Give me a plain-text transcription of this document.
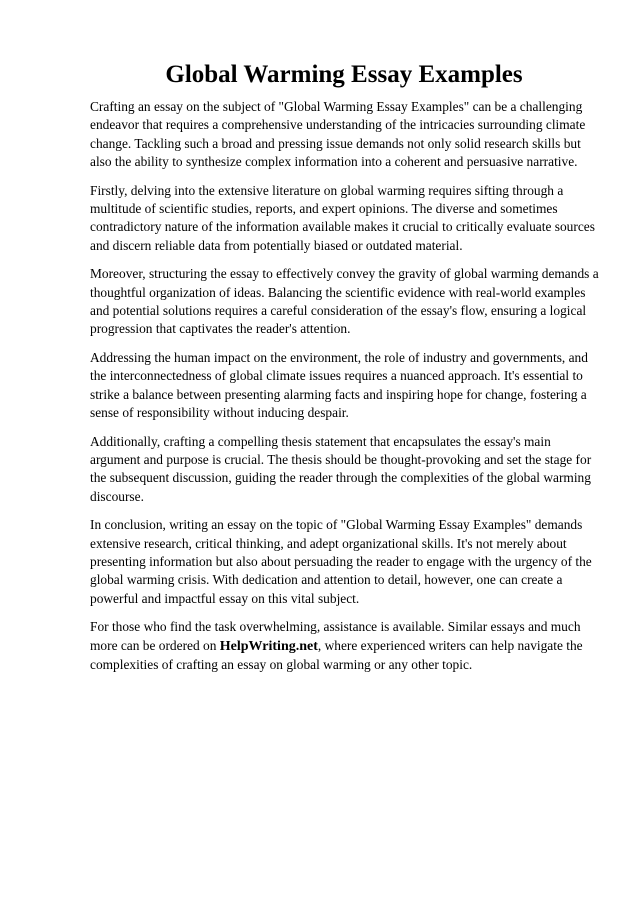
Global Warming Essay Examples

Crafting an essay on the subject of "Global Warming Essay Examples" can be a challenging endeavor that requires a comprehensive understanding of the intricacies surrounding climate change. Tackling such a broad and pressing issue demands not only solid research skills but also the ability to synthesize complex information into a coherent and persuasive narrative.

Firstly, delving into the extensive literature on global warming requires sifting through a multitude of scientific studies, reports, and expert opinions. The diverse and sometimes contradictory nature of the information available makes it crucial to critically evaluate sources and discern reliable data from potentially biased or outdated material.

Moreover, structuring the essay to effectively convey the gravity of global warming demands a thoughtful organization of ideas. Balancing the scientific evidence with real-world examples and potential solutions requires a careful consideration of the essay's flow, ensuring a logical progression that captivates the reader's attention.

Addressing the human impact on the environment, the role of industry and governments, and the interconnectedness of global climate issues requires a nuanced approach. It's essential to strike a balance between presenting alarming facts and inspiring hope for change, fostering a sense of responsibility without inducing despair.

Additionally, crafting a compelling thesis statement that encapsulates the essay's main argument and purpose is crucial. The thesis should be thought-provoking and set the stage for the subsequent discussion, guiding the reader through the complexities of the global warming discourse.

In conclusion, writing an essay on the topic of "Global Warming Essay Examples" demands extensive research, critical thinking, and adept organizational skills. It's not merely about presenting information but also about persuading the reader to engage with the urgency of the global warming crisis. With dedication and attention to detail, however, one can create a powerful and impactful essay on this vital subject.

For those who find the task overwhelming, assistance is available. Similar essays and much more can be ordered on HelpWriting.net, where experienced writers can help navigate the complexities of crafting an essay on global warming or any other topic.
